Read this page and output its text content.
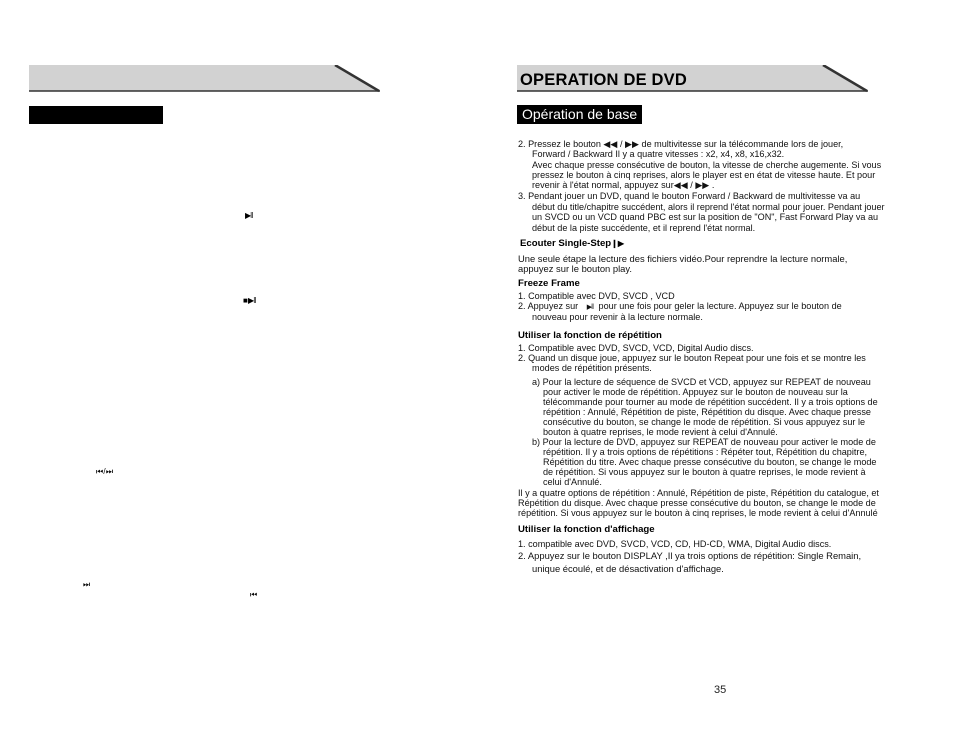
▶‖
■ ▶‖
⏮ / ⏭
⏭
⏮
OPERATION DE DVD
Opération de base
2. Pressez le bouton ◀◀ / ▶▶ de multivitesse sur la télécommande lors de jouer,
Forward / Backward Il y a quatre vitesses : x2, x4, x8, x16,x32.
Avec chaque presse consécutive de bouton, la vitesse de cherche augemente. Si vous
pressez le bouton à cinq reprises, alors le player est en état de vitesse haute. Et pour
revenir à l'état normal, appuyez sur◀◀ / ▶▶ .
3. Pendant jouer un DVD, quand le bouton Forward / Backward de multivitesse va au
début du title/chapitre succédent, alors il reprend l'état normal pour jouer. Pendant jouer
un SVCD ou un VCD quand PBC est sur la position de "ON", Fast Forward Play va au
début de la piste succédente, et il reprend l'état normal.
Ecouter Single-Step❙▶
Une seule étape la lecture des fichiers vidéo.Pour reprendre la lecture normale,
appuyez sur le bouton play.
Freeze Frame
1. Compatible avec DVD, SVCD , VCD
2. Appuyez sur ▶‖ pour une fois pour geler la lecture. Appuyez sur le bouton de
nouveau pour revenir à la lecture normale.
Utiliser la fonction de répétition
1. Compatible avec DVD, SVCD, VCD, Digital Audio discs.
2. Quand un disque joue, appuyez sur le bouton Repeat pour une fois et se montre les
modes de répétition présents.
a) Pour la lecture de séquence de SVCD et VCD, appuyez sur REPEAT de nouveau
pour activer le mode de répétition. Appuyez sur le bouton de nouveau sur la
télécommande pour tourner au mode de répétition succédent. Il y a trois options de
répétition : Annulé, Répétition de piste, Répétition du disque. Avec chaque presse
consécutive du bouton, se change le mode de répétition. Si vous appuyez sur le
bouton à quatre reprises, le mode revient à celui d'Annulé.
b) Pour la lecture de DVD, appuyez sur REPEAT de nouveau pour activer le mode de
répétition. Il y a trois options de répétitions : Répéter tout, Répétition du chapitre,
Répétition du titre. Avec chaque presse consécutive du bouton, se change le mode
de répétition. Si vous appuyez sur le bouton à quatre reprises, le mode revient à
celui d'Annulé.
Il y a quatre options de répétition : Annulé, Répétition de piste, Répétition du catalogue, et
Répétition du disque. Avec chaque presse consécutive du bouton, se change le mode de
répétition. Si vous appuyez sur le bouton à cinq reprises, le mode revient à celui d'Annulé
Utiliser la fonction d'affichage
1. compatible avec DVD, SVCD, VCD, CD, HD-CD, WMA, Digital Audio discs.
2. Appuyez sur le bouton DISPLAY ,Il ya trois options de répétition: Single Remain,
unique écoulé, et de désactivation d'affichage.
35
